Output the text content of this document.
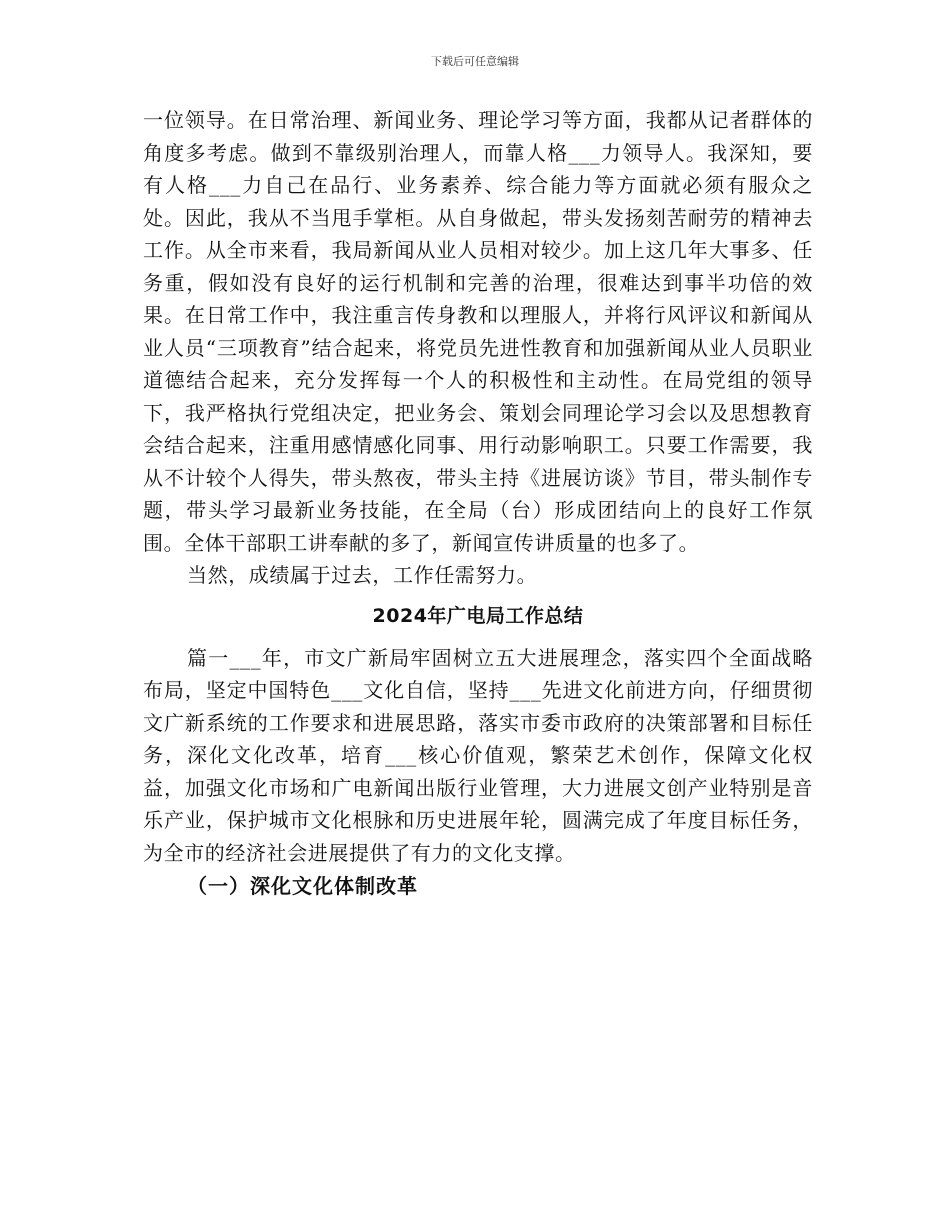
下载后可任意编辑

一位领导。在日常治理、新闻业务、理论学习等方面，我都从记者群体的角度多考虑。做到不靠级别治理人，而靠人格___力领导人。我深知，要有人格___力自己在品行、业务素养、综合能力等方面就必须有服众之处。因此，我从不当甩手掌柜。从自身做起，带头发扬刻苦耐劳的精神去工作。从全市来看，我局新闻从业人员相对较少。加上这几年大事多、任务重，假如没有良好的运行机制和完善的治理，很难达到事半功倍的效果。在日常工作中，我注重言传身教和以理服人，并将行风评议和新闻从业人员“三项教育”结合起来，将党员先进性教育和加强新闻从业人员职业道德结合起来，充分发挥每一个人的积极性和主动性。在局党组的领导下，我严格执行党组决定，把业务会、策划会同理论学习会以及思想教育会结合起来，注重用感情感化同事、用行动影响职工。只要工作需要，我从不计较个人得失，带头熬夜，带头主持《进展访谈》节目，带头制作专题，带头学习最新业务技能，在全局（台）形成团结向上的良好工作氛围。全体干部职工讲奉献的多了，新闻宣传讲质量的也多了。

当然，成绩属于过去，工作任需努力。

2024年广电局工作总结

篇一___年，市文广新局牢固树立五大进展理念，落实四个全面战略布局，坚定中国特色___文化自信，坚持___先进文化前进方向，仔细贯彻文广新系统的工作要求和进展思路，落实市委市政府的决策部署和目标任务，深化文化改革，培育___核心价值观，繁荣艺术创作，保障文化权益，加强文化市场和广电新闻出版行业管理，大力进展文创产业特别是音乐产业，保护城市文化根脉和历史进展年轮，圆满完成了年度目标任务，为全市的经济社会进展提供了有力的文化支撑。

（一）深化文化体制改革
